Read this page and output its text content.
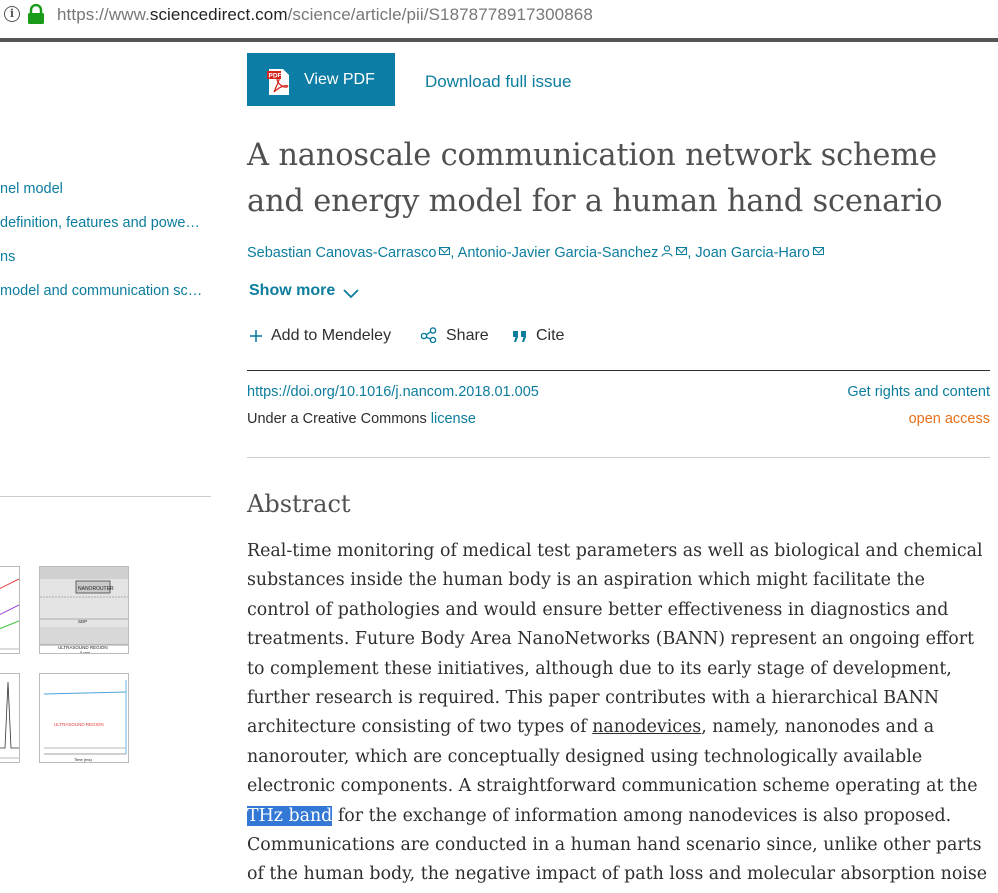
i	https://www.sciencedirect.com/science/article/pii/S1878778917300868
nel model
definition, features and powe…
ns
model and communication sc…
NANOROUTER
SDP
ULTRASOUND REGION
5 mm
ULTRASOUND REGION
Time (ms)
PDF View PDF	Download full issue
A nanoscale communication network scheme and energy model for a human hand scenario
Sebastian Canovas-Carrasco , Antonio-Javier Garcia-Sanchez , Joan Garcia-Haro
Show more
Add to Mendeley	Share	Cite
https://doi.org/10.1016/j.nancom.2018.01.005	Get rights and content
Under a Creative Commons license	open access
Abstract

Real-time monitoring of medical test parameters as well as biological and chemical substances inside the human body is an aspiration which might facilitate the control of pathologies and would ensure better effectiveness in diagnostics and treatments. Future Body Area NanoNetworks (BANN) represent an ongoing effort to complement these initiatives, although due to its early stage of development, further research is required. This paper contributes with a hierarchical BANN architecture consisting of two types of nanodevices, namely, nanonodes and a nanorouter, which are conceptually designed using technologically available electronic components. A straightforward communication scheme operating at the THz band for the exchange of information among nanodevices is also proposed. Communications are conducted in a human hand scenario since, unlike other parts of the human body, the negative impact of path loss and molecular absorption noise
